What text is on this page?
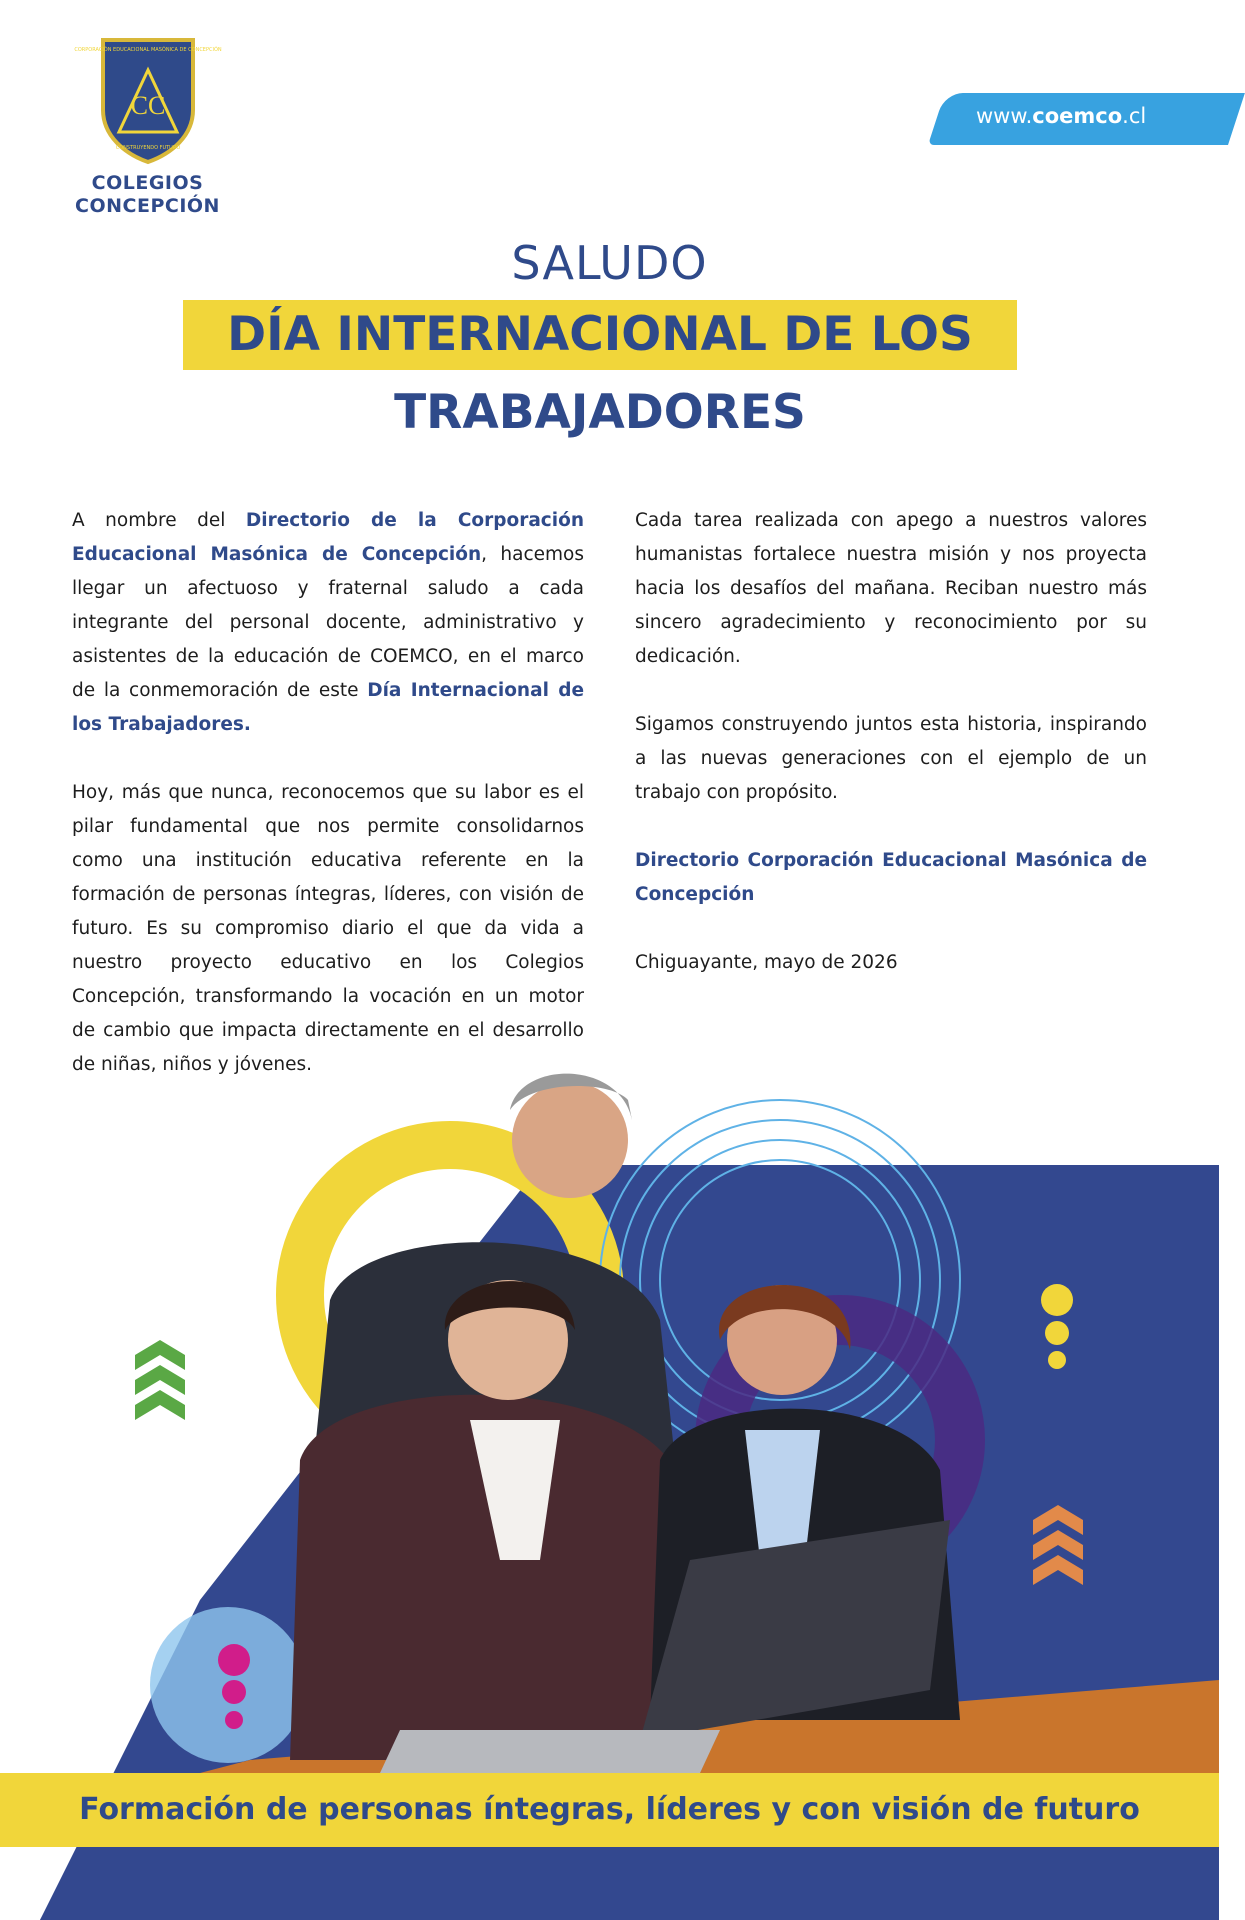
CC
CORPORACIÓN EDUCACIONAL MASÓNICA DE CONCEPCIÓN
CONSTRUYENDO FUTURO
COLEGIOS
CONCEPCIÓN
www.coemco.cl
SALUDO
DÍA INTERNACIONAL DE LOS
TRABAJADORES

A nombre del Directorio de la Corporación Educacional Masónica de Concepción, hacemos llegar un afectuoso y fraternal saludo a cada integrante del personal docente, administrativo y asistentes de la educación de COEMCO, en el marco de la conmemoración de este Día Internacional de los Trabajadores.

Hoy, más que nunca, reconocemos que su labor es el pilar fundamental que nos permite consolidarnos como una institución educativa referente en la formación de personas íntegras, líderes, con visión de futuro. Es su compromiso diario el que da vida a nuestro proyecto educativo en los Colegios Concepción, transformando la vocación en un motor de cambio que impacta directamente en el desarrollo de niñas, niños y jóvenes.

Cada tarea realizada con apego a nuestros valores humanistas fortalece nuestra misión y nos proyecta hacia los desafíos del mañana. Reciban nuestro más sincero agradecimiento y reconocimiento por su dedicación.

Sigamos construyendo juntos esta historia, inspirando a las nuevas generaciones con el ejemplo de un trabajo con propósito.

Directorio Corporación Educacional Masónica de Concepción

Chiguayante, mayo de 2026

Formación de personas íntegras, líderes y con visión de futuro
